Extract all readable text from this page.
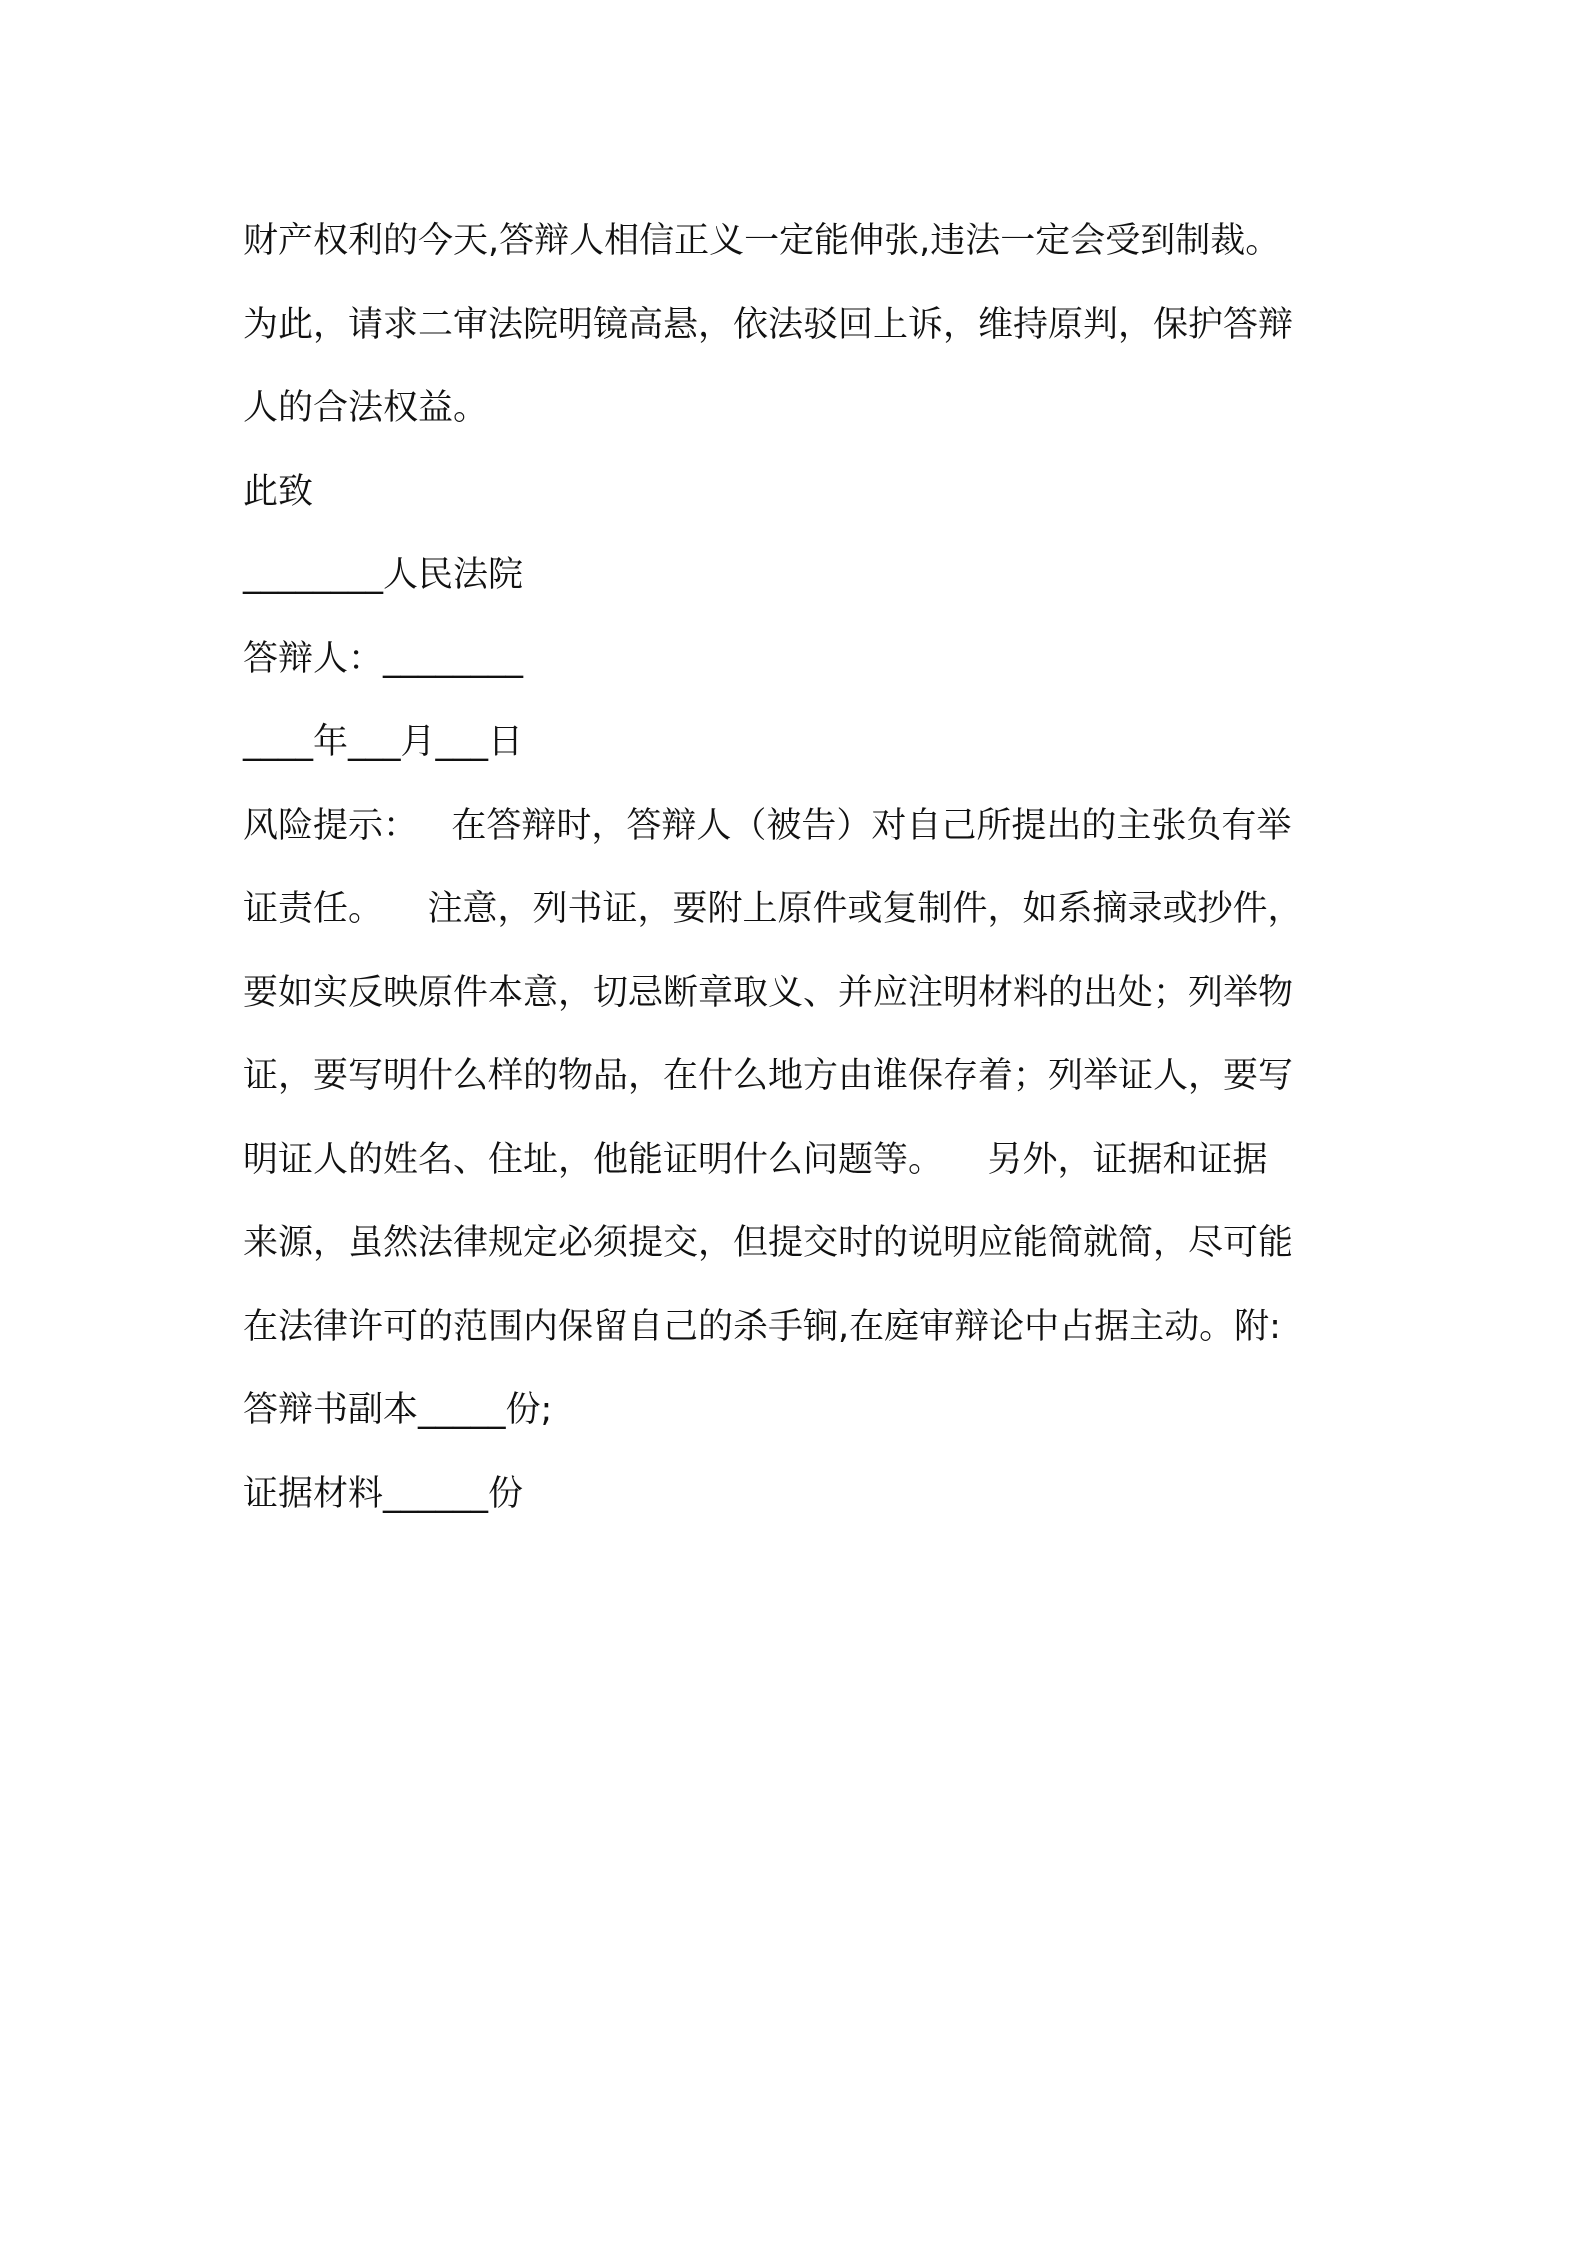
财产权利的今天,答辩人相信正义一定能伸张,违法一定会受到制裁。

为此，请求二审法院明镜高悬，依法驳回上诉，维持原判，保护答辩

人的合法权益。

此致

________人民法院

答辩人：________

____年___月___日

风险提示：   在答辩时，答辩人（被告）对自己所提出的主张负有举

证责任。    注意，列书证，要附上原件或复制件，如系摘录或抄件，

要如实反映原件本意，切忌断章取义、并应注明材料的出处；列举物

证，要写明什么样的物品，在什么地方由谁保存着；列举证人，要写

明证人的姓名、住址，他能证明什么问题等。    另外，证据和证据

来源，虽然法律规定必须提交，但提交时的说明应能简就简，尽可能

在法律许可的范围内保留自己的杀手锏,在庭审辩论中占据主动。附:

答辩书副本_____份;

证据材料______份
